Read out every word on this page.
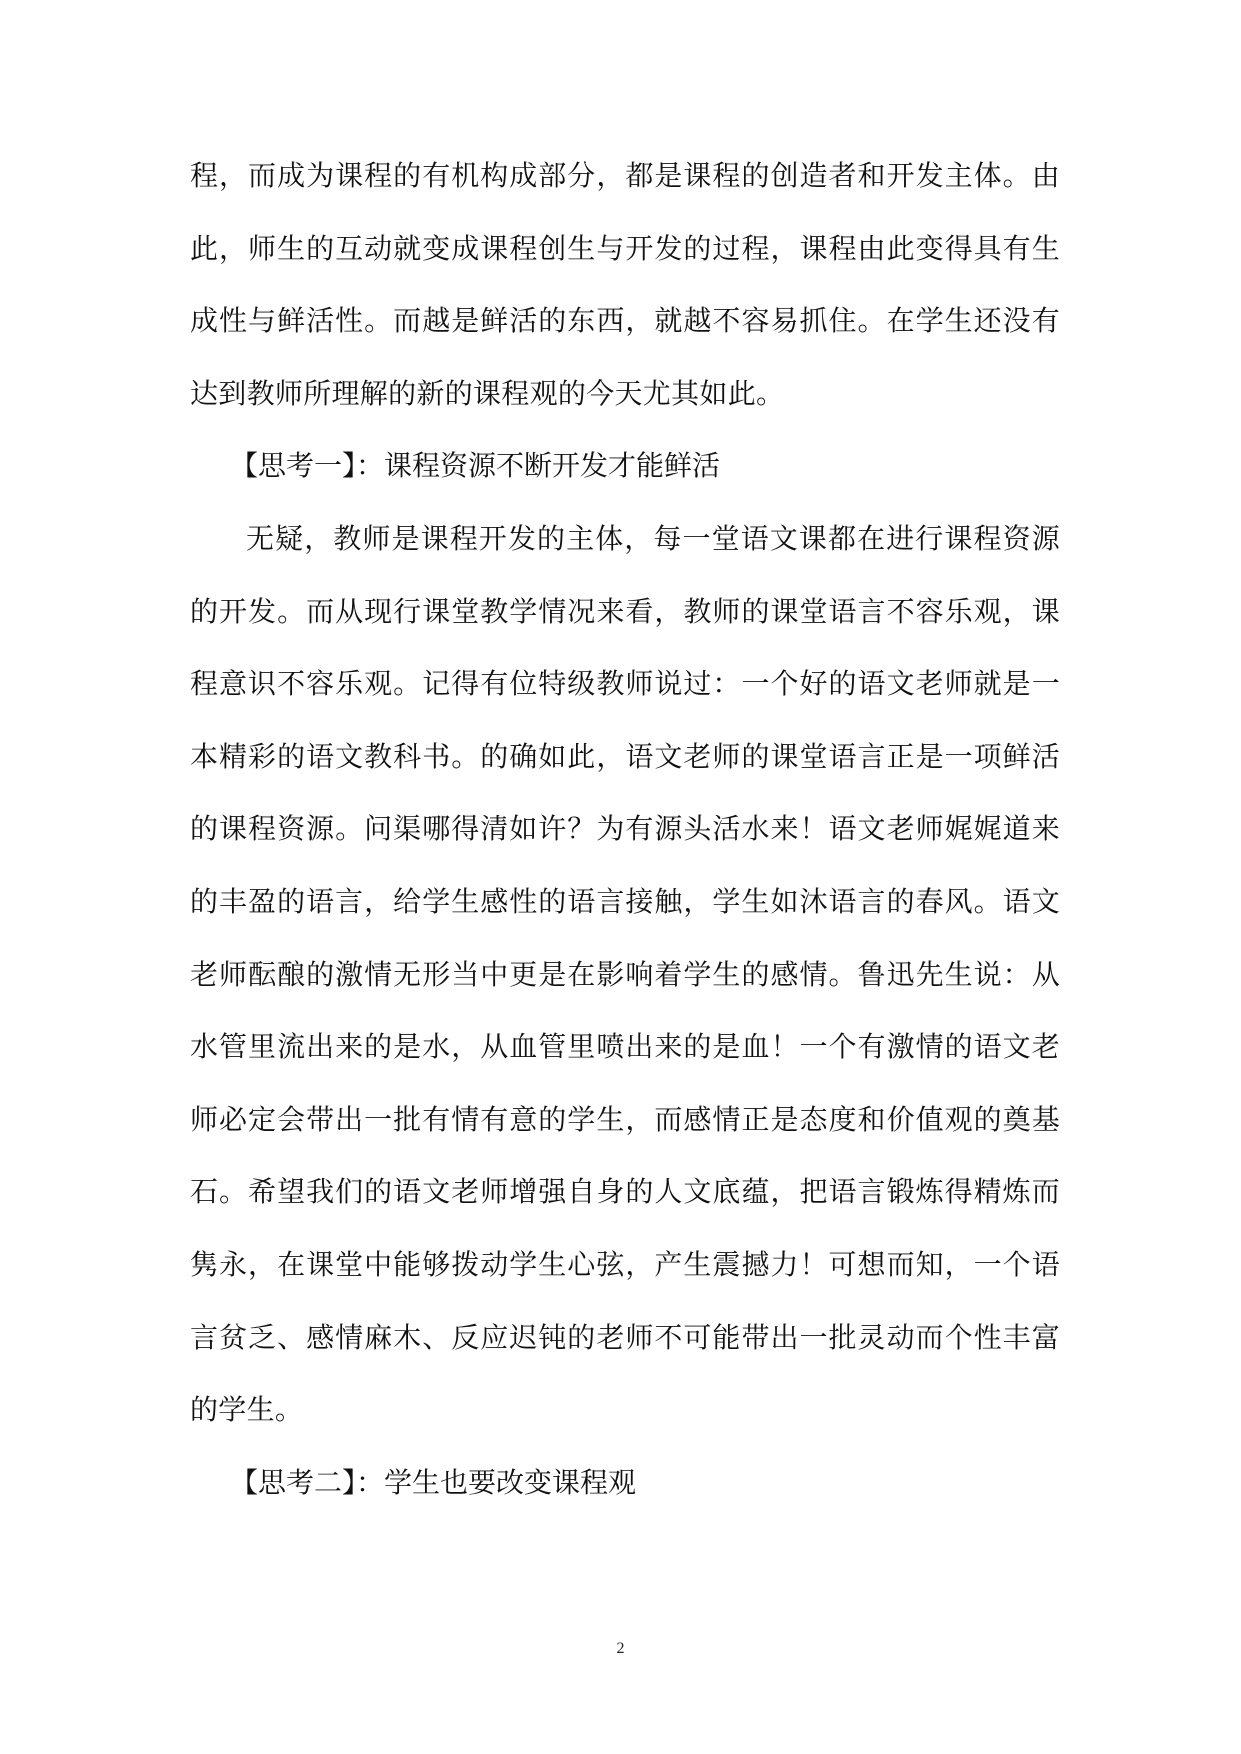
程，而成为课程的有机构成部分，都是课程的创造者和开发主体。由此，师生的互动就变成课程创生与开发的过程，课程由此变得具有生成性与鲜活性。而越是鲜活的东西，就越不容易抓住。在学生还没有达到教师所理解的新的课程观的今天尤其如此。

【思考一】：课程资源不断开发才能鲜活

无疑，教师是课程开发的主体，每一堂语文课都在进行课程资源的开发。而从现行课堂教学情况来看，教师的课堂语言不容乐观，课程意识不容乐观。记得有位特级教师说过：一个好的语文老师就是一本精彩的语文教科书。的确如此，语文老师的课堂语言正是一项鲜活的课程资源。问渠哪得清如许？为有源头活水来！语文老师娓娓道来的丰盈的语言，给学生感性的语言接触，学生如沐语言的春风。语文老师酝酿的激情无形当中更是在影响着学生的感情。鲁迅先生说：从水管里流出来的是水，从血管里喷出来的是血！一个有激情的语文老师必定会带出一批有情有意的学生，而感情正是态度和价值观的奠基石。希望我们的语文老师增强自身的人文底蕴，把语言锻炼得精炼而隽永，在课堂中能够拨动学生心弦，产生震撼力！可想而知，一个语言贫乏、感情麻木、反应迟钝的老师不可能带出一批灵动而个性丰富的学生。

【思考二】：学生也要改变课程观

2
